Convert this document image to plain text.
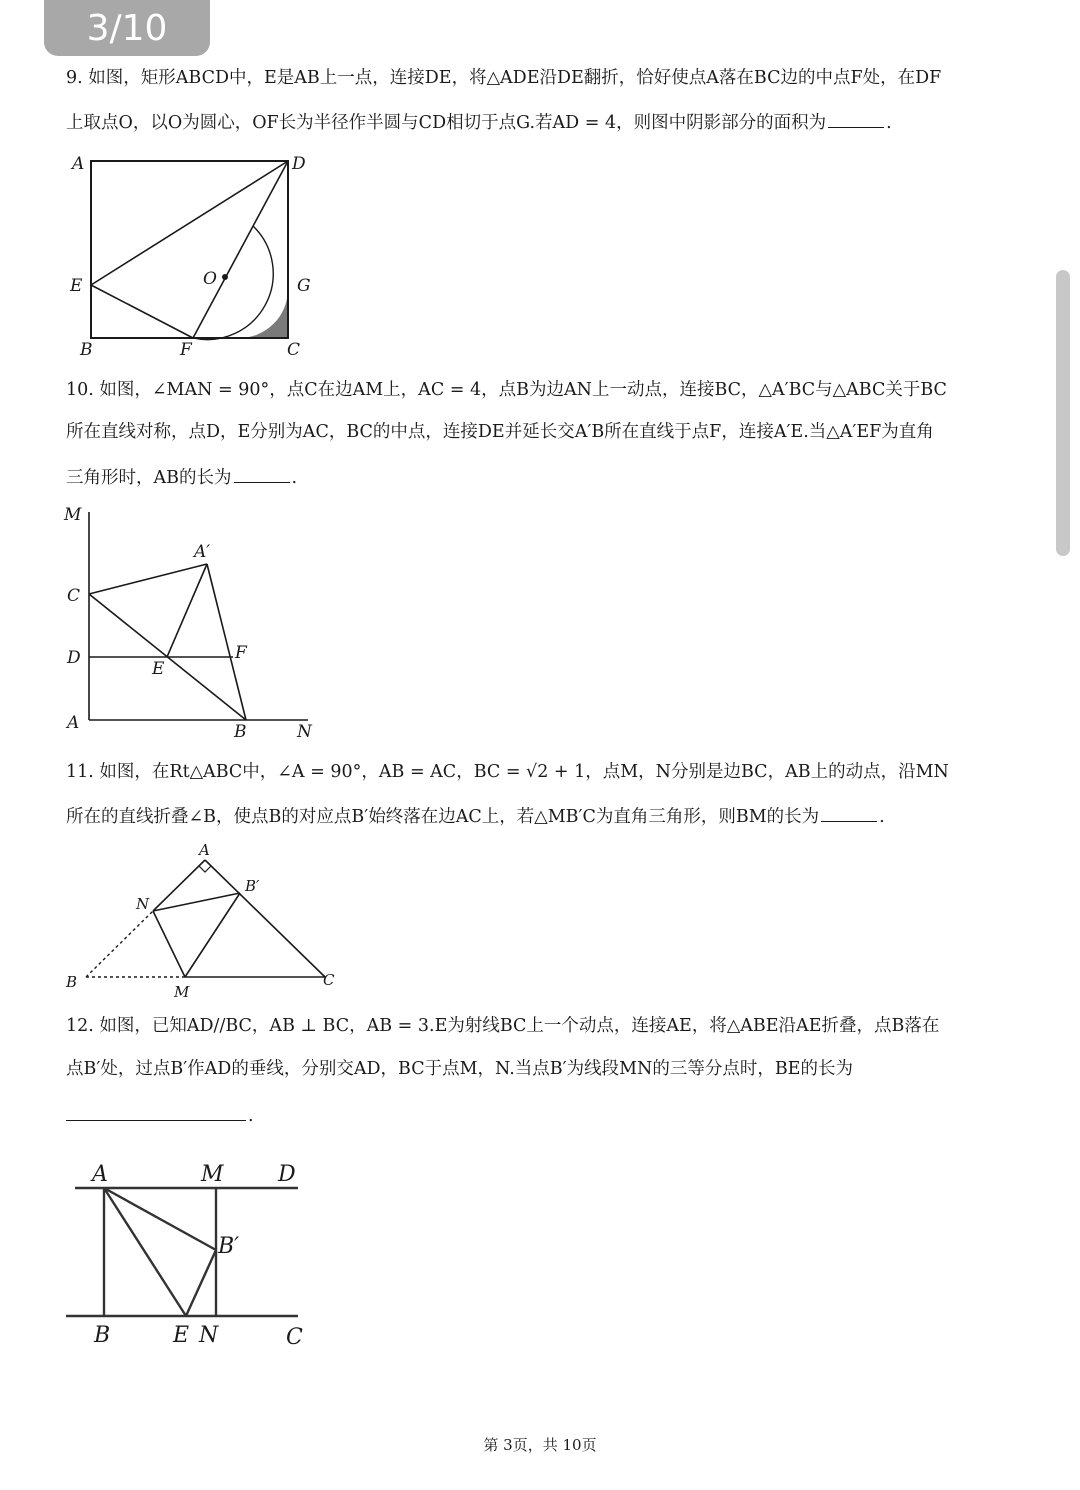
3/10
9. 如图，矩形ABCD中，E是AB上一点，连接DE，将△ADE沿DE翻折，恰好使点A落在BC边的中点F处，在DF
上取点O，以O为圆心，OF长为半径作半圆与CD相切于点G.若AD = 4，则图中阴影部分的面积为	.
A	D
E	O	G
B	F	C
10. 如图，∠MAN = 90°，点C在边AM上，AC = 4，点B为边AN上一动点，连接BC，△A′BC与△ABC关于BC
所在直线对称，点D，E分别为AC，BC的中点，连接DE并延长交A′B所在直线于点F，连接A′E.当△A′EF为直角
三角形时，AB的长为	.
M
A′
C
D
E
F
A	B	N
11. 如图，在Rt△ABC中，∠A = 90°，AB = AC，BC = √2 + 1，点M，N分别是边BC，AB上的动点，沿MN
所在的直线折叠∠B，使点B的对应点B′始终落在边AC上，若△MB′C为直角三角形，则BM的长为	.
A
B′
N
B
M
C
12. 如图，已知AD//BC，AB ⊥ BC，AB = 3.E为射线BC上一个动点，连接AE，将△ABE沿AE折叠，点B落在
点B′处，过点B′作AD的垂线，分别交AD，BC于点M，N.当点B′为线段MN的三等分点时，BE的长为
.
A	M D
B′
B	E N	C
第 3页，共 10页
